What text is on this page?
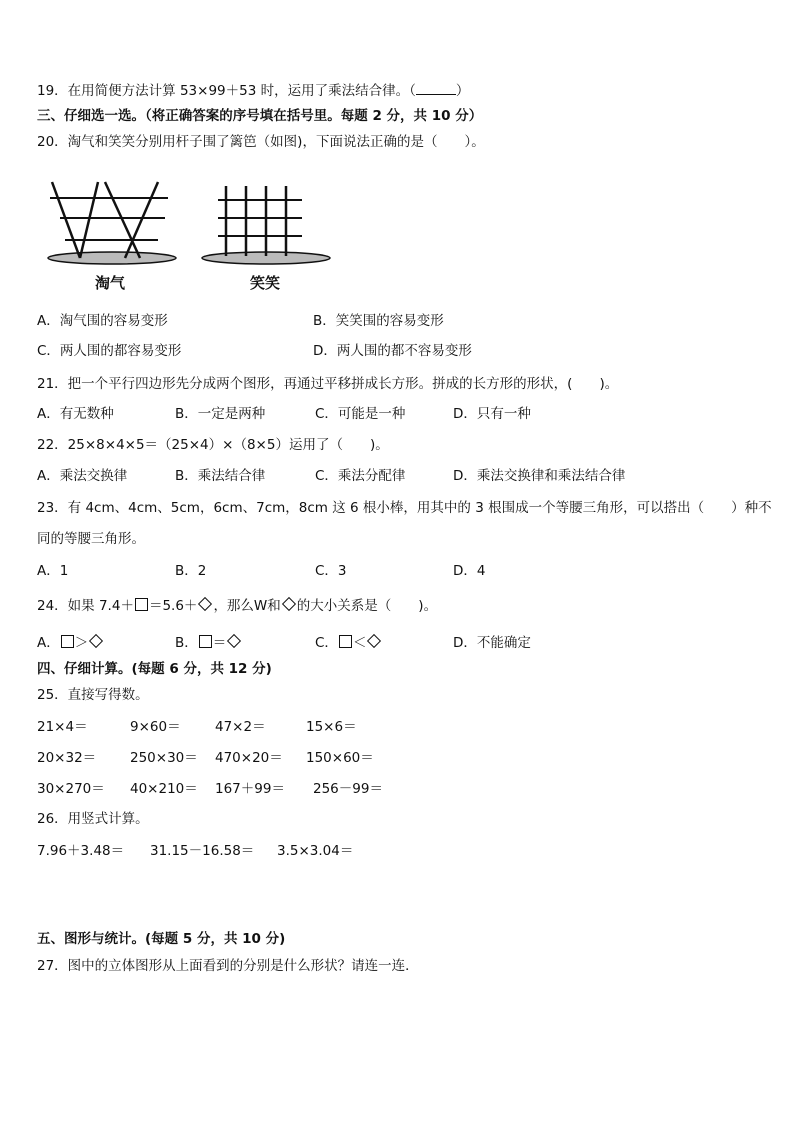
19．在用简便方法计算 53×99＋53 时，运用了乘法结合律。（	）
三、仔细选一选。（将正确答案的序号填在括号里。每题 2 分，共 10 分）
20．淘气和笑笑分别用杆子围了篱笆（如图)，下面说法正确的是（　　）。
淘气	笑笑
A．淘气围的容易变形	B．笑笑围的容易变形
C．两人围的都容易变形	D．两人围的都不容易变形
21．把一个平行四边形先分成两个图形，再通过平移拼成长方形。拼成的长方形的形状，(　　)。
A．有无数种	B．一定是两种	C．可能是一种	D．只有一种
22．25×8×4×5＝（25×4）×（8×5）运用了（　　)。
A．乘法交换律	B．乘法结合律	C．乘法分配律	D．乘法交换律和乘法结合律
23．有 4cm、4cm、5cm，6cm、7cm，8cm 这 6 根小棒，用其中的 3 根围成一个等腰三角形，可以搭出（　　）种不
同的等腰三角形。
A．1	B．2	C．3	D．4
24．如果 7.4＋ ＝5.6＋ ，那么W和 的大小关系是（　　)。
A． ＞	B． ＝	C． ＜	D．不能确定
四、仔细计算。(每题 6 分，共 12 分)
25．直接写得数。
21×4＝	9×60＝	47×2＝	15×6＝
20×32＝	250×30＝ 470×20＝ 150×60＝
30×270＝ 40×210＝ 167＋99＝ 256－99＝
26．用竖式计算。
7.96＋3.48＝ 31.15－16.58＝ 3.5×3.04＝
五、图形与统计。(每题 5 分，共 10 分)
27．图中的立体图形从上面看到的分别是什么形状？请连一连．
